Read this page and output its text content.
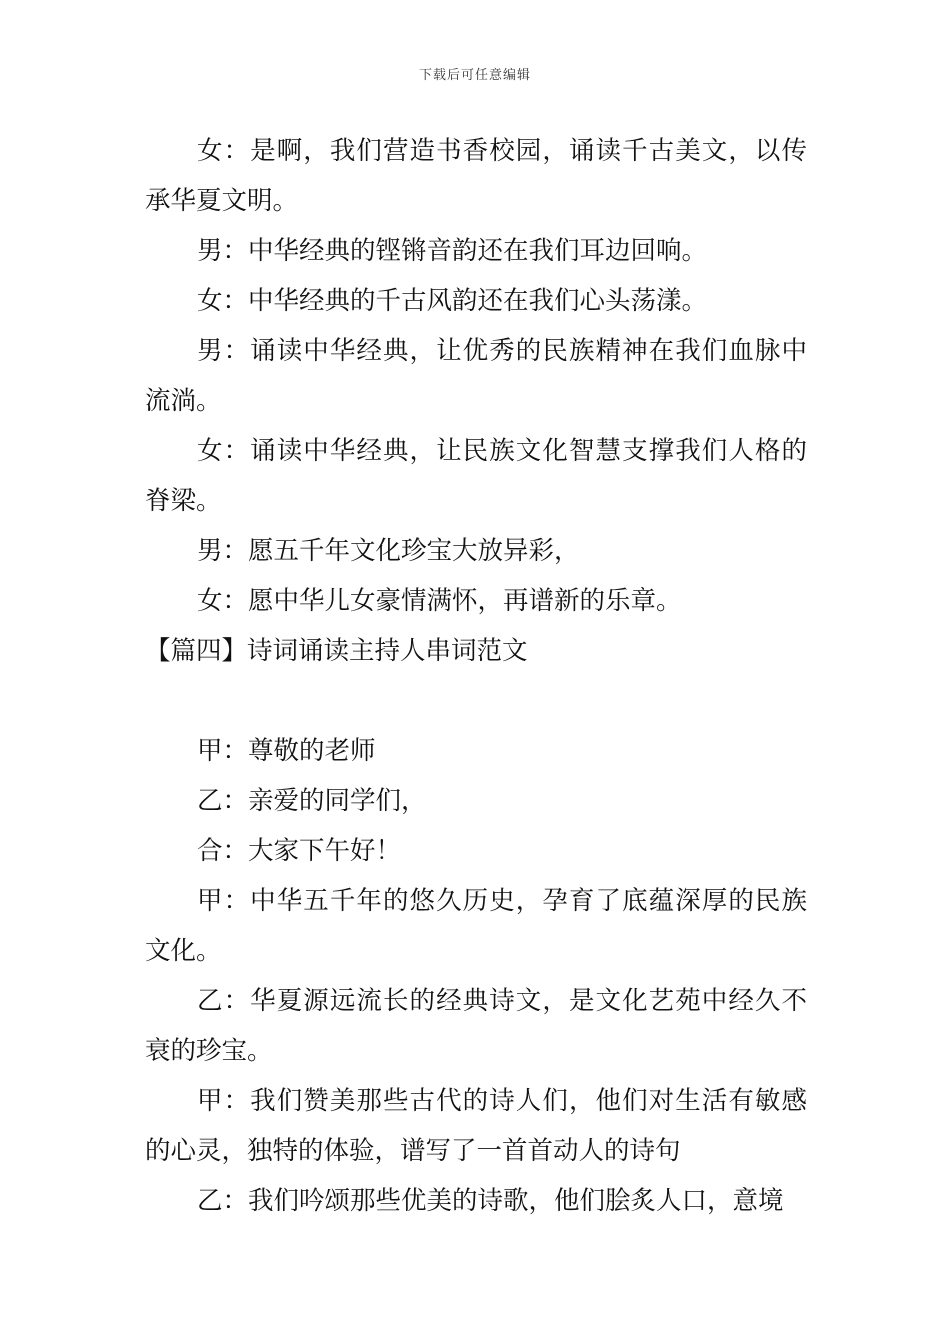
下载后可任意编辑

女：是啊，我们营造书香校园，诵读千古美文，以传承华夏文明。

男：中华经典的铿锵音韵还在我们耳边回响。

女：中华经典的千古风韵还在我们心头荡漾。

男：诵读中华经典，让优秀的民族精神在我们血脉中流淌。

女：诵读中华经典，让民族文化智慧支撑我们人格的脊梁。

男：愿五千年文化珍宝大放异彩，

女：愿中华儿女豪情满怀，再谱新的乐章。

【篇四】诗词诵读主持人串词范文

甲：尊敬的老师

乙：亲爱的同学们，

合：大家下午好！

甲：中华五千年的悠久历史，孕育了底蕴深厚的民族文化。

乙：华夏源远流长的经典诗文，是文化艺苑中经久不衰的珍宝。

甲：我们赞美那些古代的诗人们，他们对生活有敏感的心灵，独特的体验，谱写了一首首动人的诗句

乙：我们吟颂那些优美的诗歌，他们脍炙人口，意境
